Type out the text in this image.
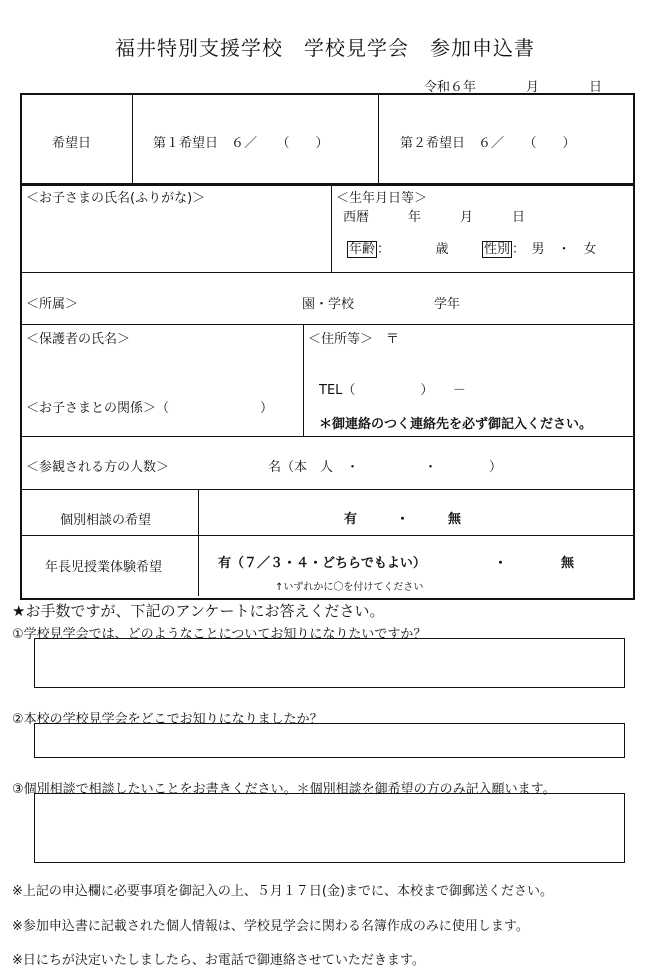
福井特別支援学校　学校見学会　参加申込書
令和６年	月	日
希望日	第１希望日　６／　　（　　）	第２希望日　６／　　（　　）
＜お子さまの氏名(ふりがな)＞	＜生年月日等＞
西暦　　　年　　　月　　　日
年齢 ：　　　　歳	性別 ：　男　・　女
＜所属＞	園・学校	学年
＜保護者の氏名＞
＜お子さまとの関係＞（　　　　　　　）
＜住所等＞　〒
TEL（　　　　　）　　－
＊御連絡のつく連絡先を必ず御記入ください。
＜参観される方の人数＞	名（本　人　・　　　　　・　　　　）
個別相談の希望	有　　　・　　　無
年長児授業体験希望	有（７／３・４・どちらでもよい）	・	無
↑いずれかに〇を付けてください
★お手数ですが、下記のアンケートにお答えください。
①学校見学会では、どのようなことについてお知りになりたいですか？
②本校の学校見学会をどこでお知りになりましたか？
③個別相談で相談したいことをお書きください。＊個別相談を御希望の方のみ記入願います。
※上記の申込欄に必要事項を御記入の上、５月１７日(金)までに、本校まで御郵送ください。
※参加申込書に記載された個人情報は、学校見学会に関わる名簿作成のみに使用します。
※日にちが決定いたしましたら、お電話で御連絡させていただきます。
